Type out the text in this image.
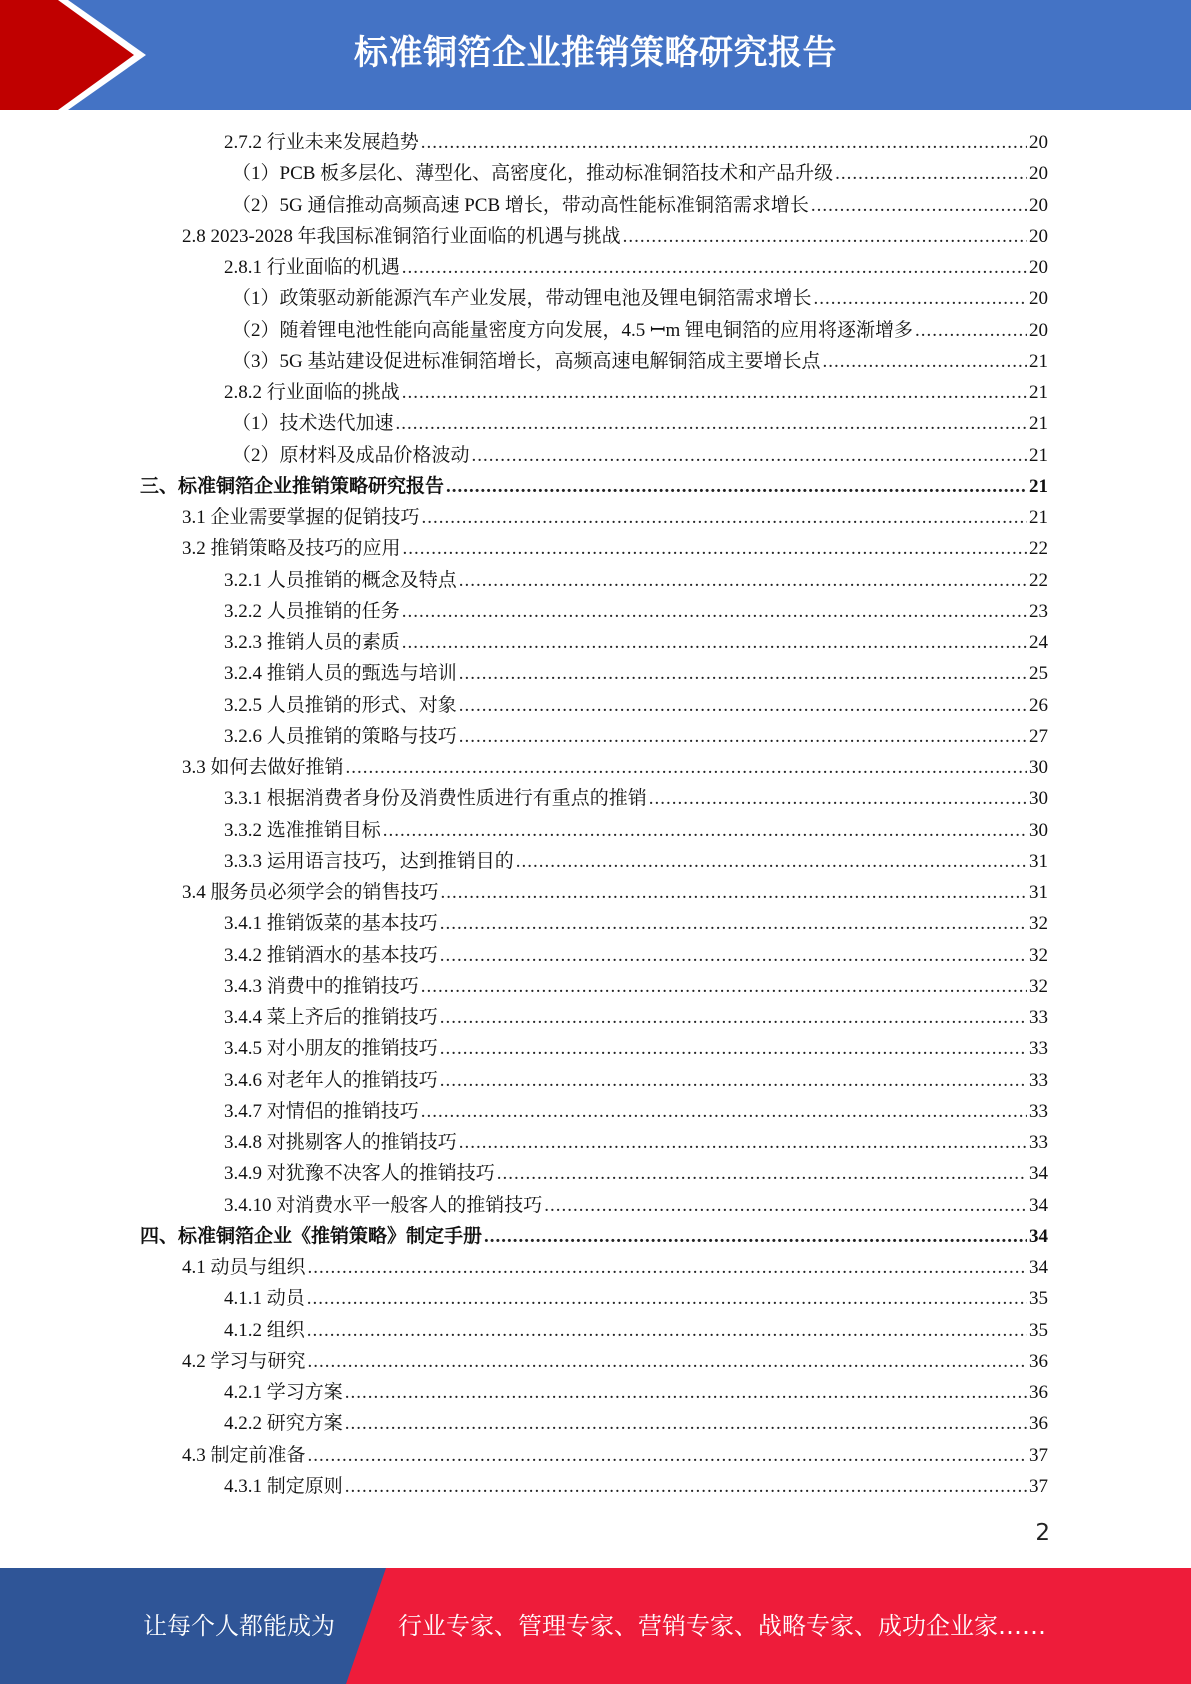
标准铜箔企业推销策略研究报告
2.7.2 行业未来发展趋势 .....	20
（1）PCB 板多层化、薄型化、高密度化，推动标准铜箔技术和产品升级 .....	20
（2）5G 通信推动高频高速 PCB 增长，带动高性能标准铜箔需求增长 .....	20
2.8 2023-2028 年我国标准铜箔行业面临的机遇与挑战 .....	20
2.8.1 行业面临的机遇 .....	20
（1）政策驱动新能源汽车产业发展，带动锂电池及锂电铜箔需求增长 .....	20
（2）随着锂电池性能向高能量密度方向发展，4.5 ꟷm 锂电铜箔的应用将逐渐增多 .....	20
（3）5G 基站建设促进标准铜箔增长，高频高速电解铜箔成主要增长点 .....	21
2.8.2 行业面临的挑战 .....	21
（1）技术迭代加速 .....	21
（2）原材料及成品价格波动 .....	21
三、标准铜箔企业推销策略研究报告 .....	21
3.1 企业需要掌握的促销技巧 .....	21
3.2 推销策略及技巧的应用 .....	22
3.2.1 人员推销的概念及特点 .....	22
3.2.2 人员推销的任务 .....	23
3.2.3 推销人员的素质 .....	24
3.2.4 推销人员的甄选与培训 .....	25
3.2.5 人员推销的形式、对象 .....	26
3.2.6 人员推销的策略与技巧 .....	27
3.3 如何去做好推销 .....	30
3.3.1 根据消费者身份及消费性质进行有重点的推销 .....	30
3.3.2 选准推销目标 .....	30
3.3.3 运用语言技巧，达到推销目的 .....	31
3.4 服务员必须学会的销售技巧 .....	31
3.4.1 推销饭菜的基本技巧 .....	32
3.4.2 推销酒水的基本技巧 .....	32
3.4.3 消费中的推销技巧 .....	32
3.4.4 菜上齐后的推销技巧 .....	33
3.4.5 对小朋友的推销技巧 .....	33
3.4.6 对老年人的推销技巧 .....	33
3.4.7 对情侣的推销技巧 .....	33
3.4.8 对挑剔客人的推销技巧 .....	33
3.4.9 对犹豫不决客人的推销技巧 .....	34
3.4.10 对消费水平一般客人的推销技巧 .....	34
四、标准铜箔企业《推销策略》制定手册 .....	34
4.1 动员与组织 .....	34
4.1.1 动员 .....	35
4.1.2 组织 .....	35
4.2 学习与研究 .....	36
4.2.1 学习方案 .....	36
4.2.2 研究方案 .....	36
4.3 制定前准备 .....	37
4.3.1 制定原则 .....	37
2
让每个人都能成为	行业专家、管理专家、营销专家、战略专家、成功企业家……
